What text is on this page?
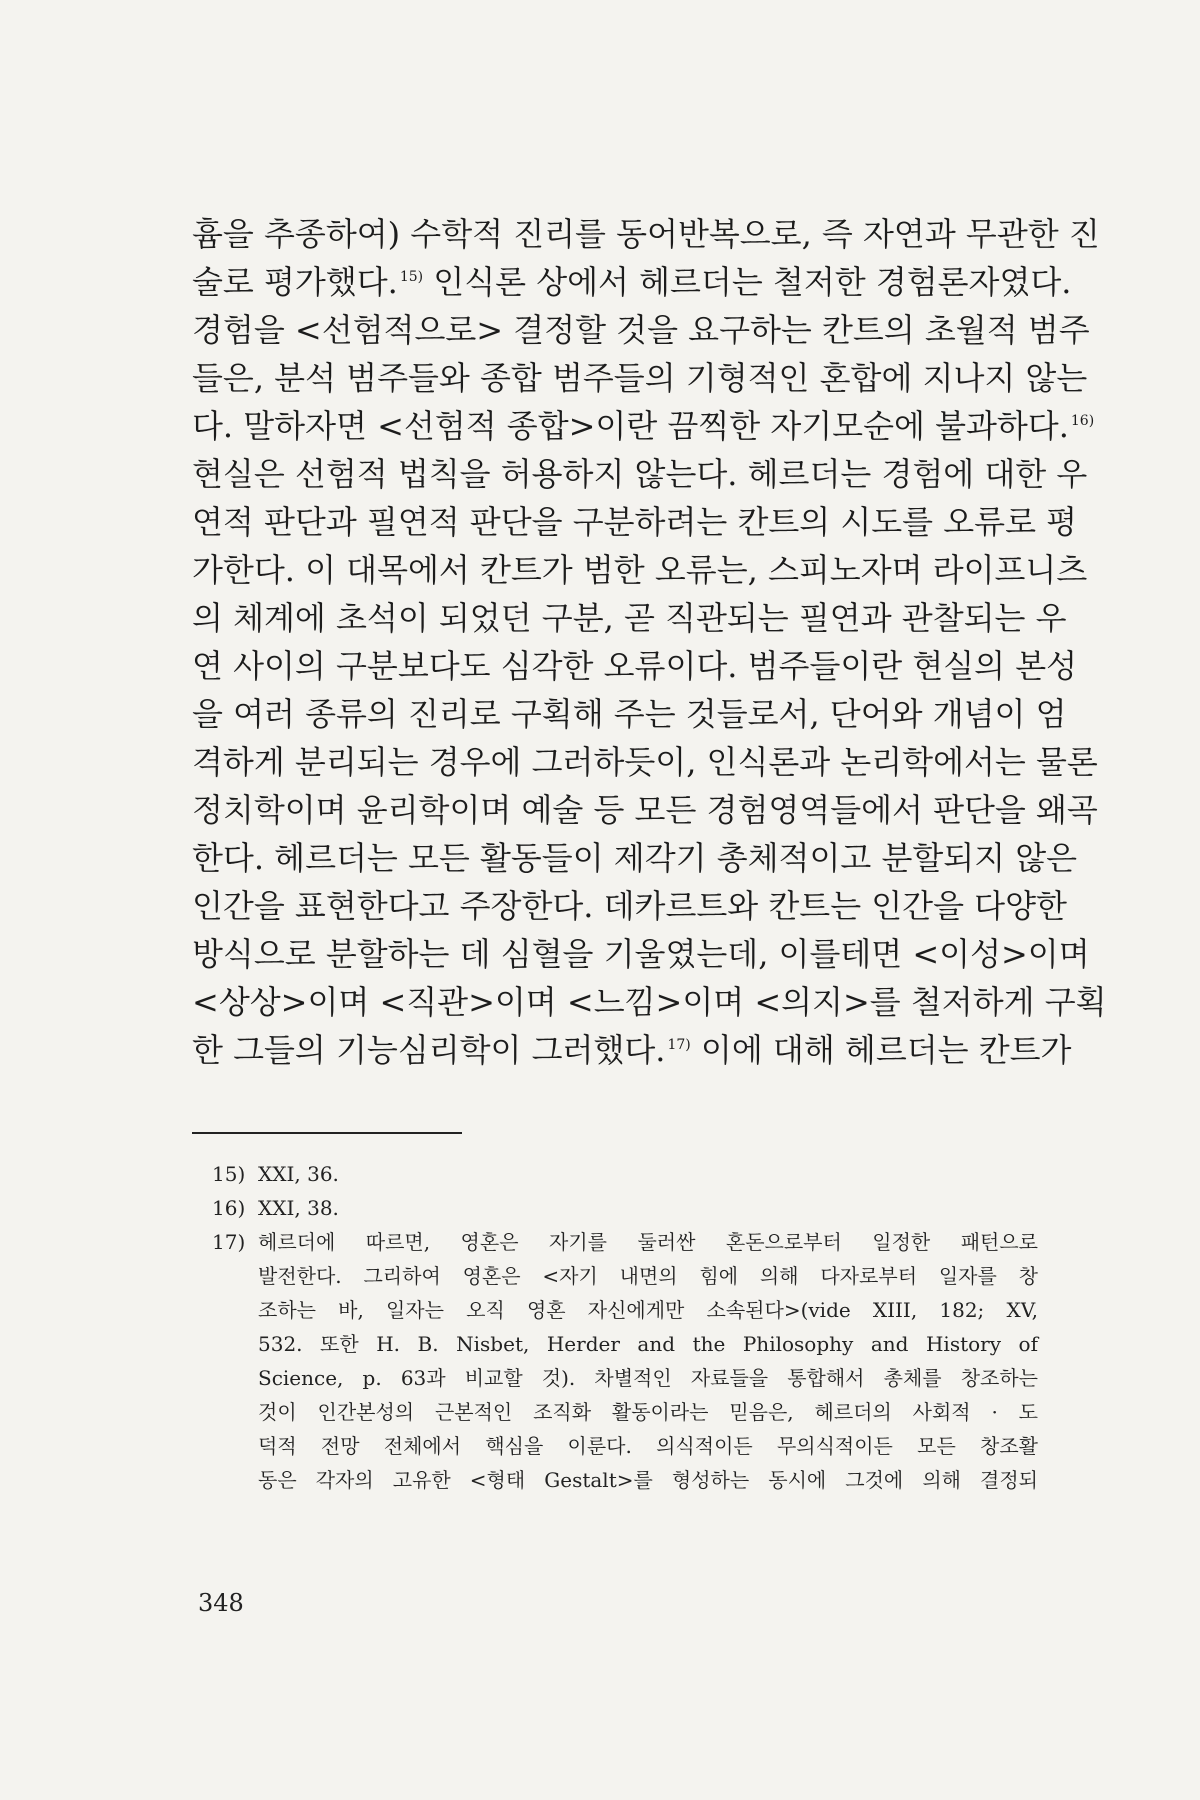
흄을 추종하여) 수학적 진리를 동어반복으로, 즉 자연과 무관한 진
술로 평가했다. $^{15)}$ 인식론 상에서 헤르더는 철저한 경험론자였다.
경험을 <선험적으로> 결정할 것을 요구하는 칸트의 초월적 범주
들은, 분석 범주들와 종합 범주들의 기형적인 혼합에 지나지 않는
다. 말하자면 <선험적 종합>이란 끔찍한 자기모순에 불과하다. $^{16)}$
현실은 선험적 법칙을 허용하지 않는다. 헤르더는 경험에 대한 우
연적 판단과 필연적 판단을 구분하려는 칸트의 시도를 오류로 평
가한다. 이 대목에서 칸트가 범한 오류는, 스피노자며 라이프니츠
의 체계에 초석이 되었던 구분, 곧 직관되는 필연과 관찰되는 우
연 사이의 구분보다도 심각한 오류이다. 범주들이란 현실의 본성
을 여러 종류의 진리로 구획해 주는 것들로서, 단어와 개념이 엄
격하게 분리되는 경우에 그러하듯이, 인식론과 논리학에서는 물론
정치학이며 윤리학이며 예술 등 모든 경험영역들에서 판단을 왜곡
한다. 헤르더는 모든 활동들이 제각기 총체적이고 분할되지 않은
인간을 표현한다고 주장한다. 데카르트와 칸트는 인간을 다양한
방식으로 분할하는 데 심혈을 기울였는데, 이를테면 <이성>이며
<상상>이며 <직관>이며 <느낌>이며 <의지>를 철저하게 구획
한 그들의 기능심리학이 그러했다. $^{17)}$ 이에 대해 헤르더는 칸트가
15) XXI, 36.
16) XXI, 38.
17) 헤르더에 따르면, 영혼은 자기를 둘러싼 혼돈으로부터 일정한 패턴으로
발전한다. 그리하여 영혼은 <자기 내면의 힘에 의해 다자로부터 일자를 창
조하는 바, 일자는 오직 영혼 자신에게만 소속된다>(vide XIII, 182; XV,
532. 또한 H. B. Nisbet, Herder and the Philosophy and History of
Science, p. 63과 비교할 것). 차별적인 자료들을 통합해서 총체를 창조하는
것이 인간본성의 근본적인 조직화 활동이라는 믿음은, 헤르더의 사회적 · 도
덕적 전망 전체에서 핵심을 이룬다. 의식적이든 무의식적이든 모든 창조활
동은 각자의 고유한 <형태 Gestalt>를 형성하는 동시에 그것에 의해 결정되
348
